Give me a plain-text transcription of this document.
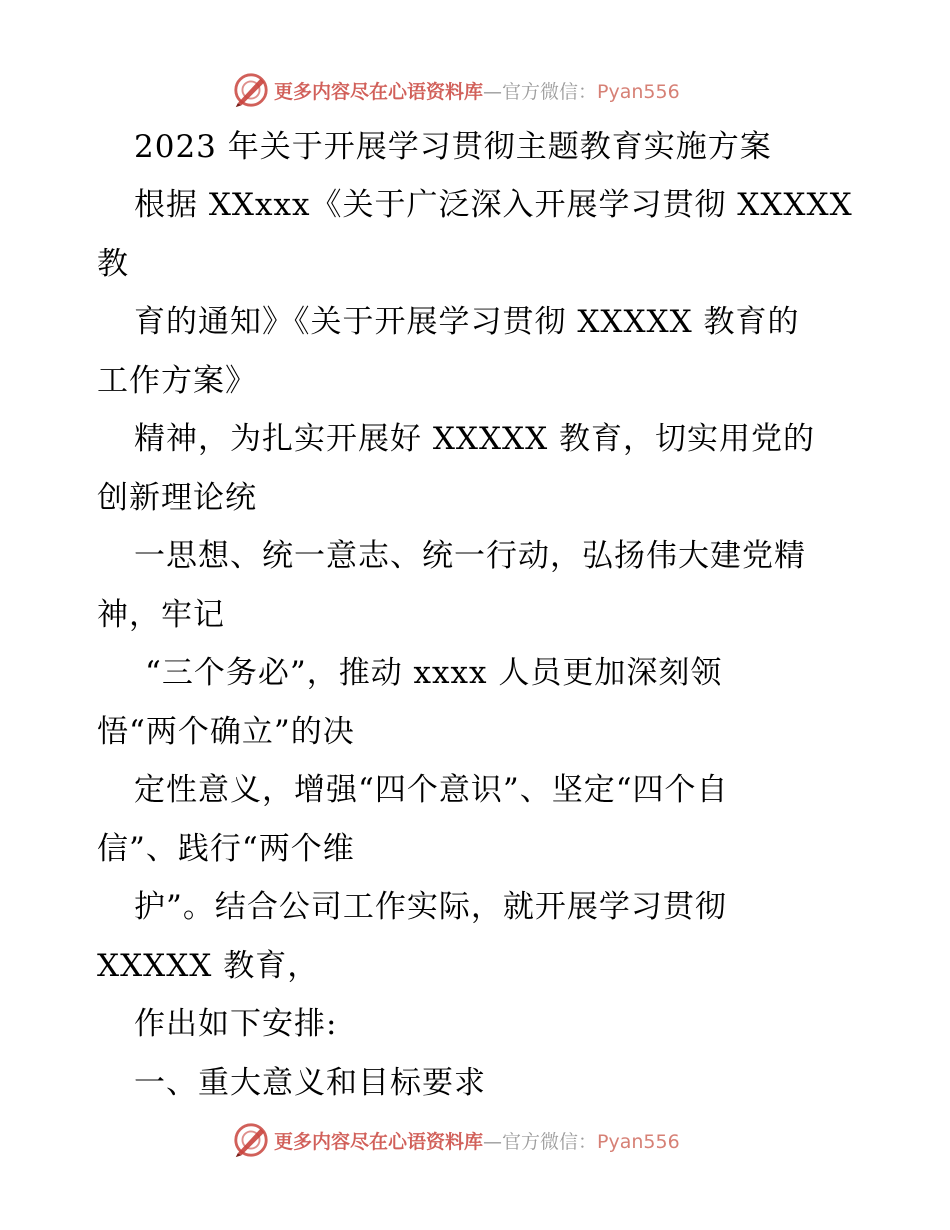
更多内容尽在心语资料库—官方微信：Pyan556
2023 年关于开展学习贯彻主题教育实施方案
根据 XXxxx《关于广泛深入开展学习贯彻 XXXXX
教
育的通知》《关于开展学习贯彻 XXXXX 教育的
工作方案》
精神，为扎实开展好 XXXXX 教育，切实用党的
创新理论统
一思想、统一意志、统一行动，弘扬伟大建党精
神，牢记
“三个务必”，推动 xxxx 人员更加深刻领
悟“两个确立”的决
定性意义，增强“四个意识”、坚定“四个自
信”、践行“两个维
护”。结合公司工作实际，就开展学习贯彻
XXXXX 教育，
作出如下安排:
一、重大意义和目标要求
更多内容尽在心语资料库—官方微信：Pyan556
